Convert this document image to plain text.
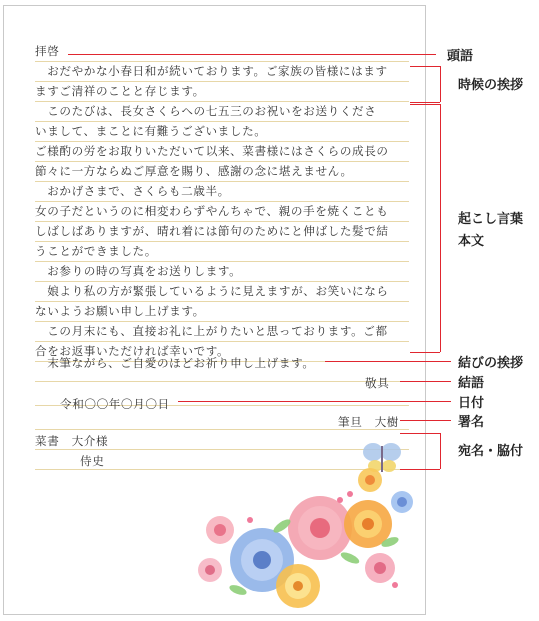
拝啓
　おだやかな小春日和が続いております。ご家族の皆様にはます
ますご清祥のことと存じます。
　このたびは、長女さくらへの七五三のお祝いをお送りくださ
いまして、まことに有難うございました。
ご様酌の労をお取りいただいて以来、菜書様にはさくらの成長の
節々に一方ならぬご厚意を賜り、感謝の念に堪えません。
　おかげさまで、さくらも二歳半。
女の子だというのに相変わらずやんちゃで、親の手を焼くことも
しばしばありますが、晴れ着には節句のためにと伸ばした髪で結
うことができました。
　お参りの時の写真をお送りします。
　娘より私の方が緊張しているように見えますが、お笑いになら
ないようお願い申し上げます。
　この月末にも、直接お礼に上がりたいと思っております。ご都
合をお返事いただければ幸いです。
　末筆ながら、ご自愛のほどお祈り申し上げます。
敬具
令和〇〇年〇月〇日
筆旦　大樹
菜書　大介様
侍史
頭語
時候の挨拶
起こし言葉
本文
結びの挨拶
結語
日付
署名
宛名・脇付
